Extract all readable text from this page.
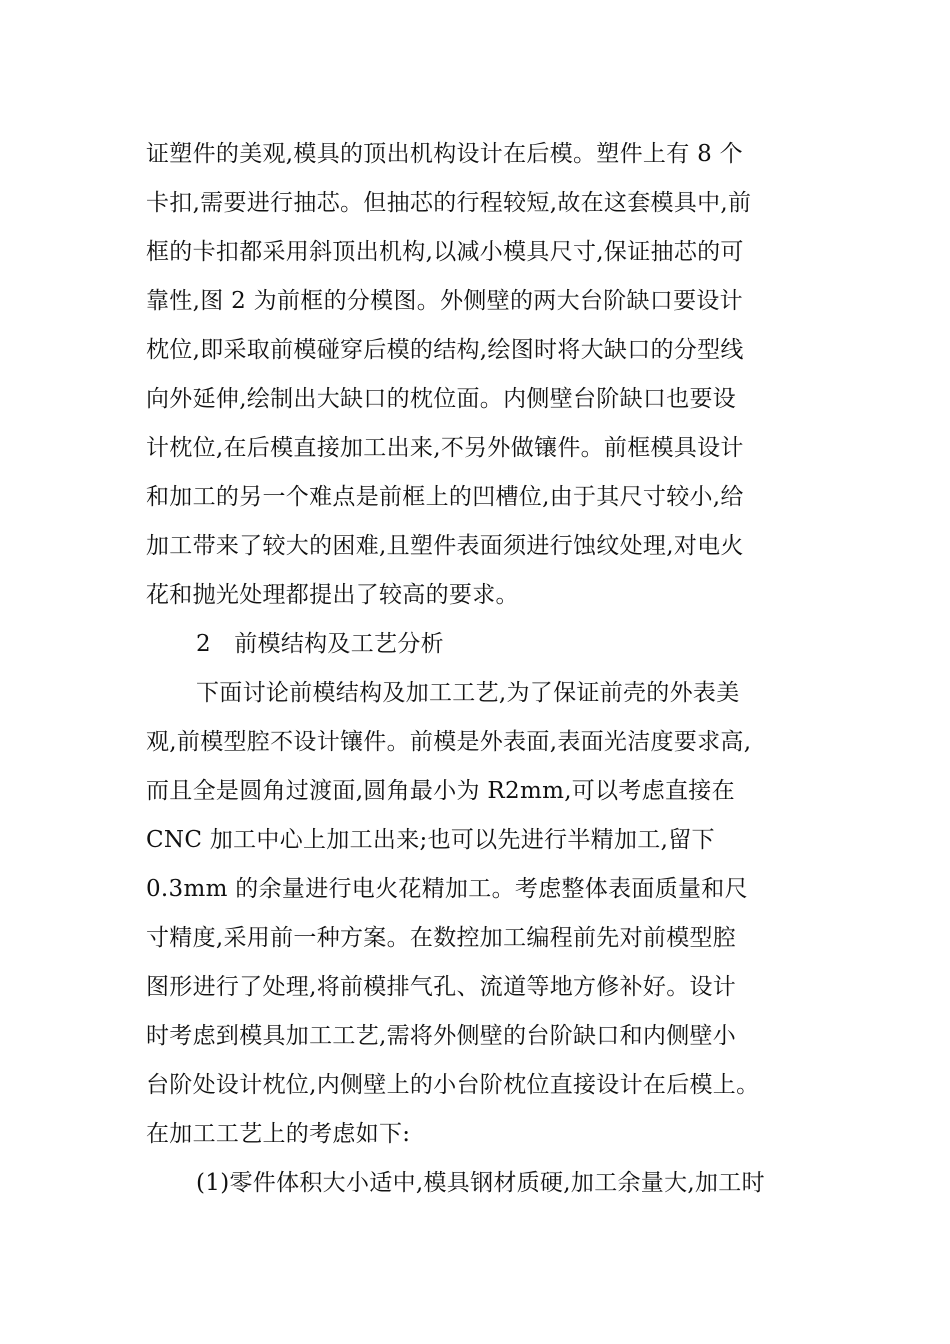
证塑件的美观,模具的顶出机构设计在后模。塑件上有 8 个
卡扣,需要进行抽芯。但抽芯的行程较短,故在这套模具中,前
框的卡扣都采用斜顶出机构,以减小模具尺寸,保证抽芯的可
靠性,图 2 为前框的分模图。外侧壁的两大台阶缺口要设计
枕位,即采取前模碰穿后模的结构,绘图时将大缺口的分型线
向外延伸,绘制出大缺口的枕位面。内侧壁台阶缺口也要设
计枕位,在后模直接加工出来,不另外做镶件。前框模具设计
和加工的另一个难点是前框上的凹槽位,由于其尺寸较小,给
加工带来了较大的困难,且塑件表面须进行蚀纹处理,对电火
花和抛光处理都提出了较高的要求。
2　前模结构及工艺分析
下面讨论前模结构及加工工艺,为了保证前壳的外表美
观,前模型腔不设计镶件。前模是外表面,表面光洁度要求高,
而且全是圆角过渡面,圆角最小为 R2mm,可以考虑直接在
CNC 加工中心上加工出来;也可以先进行半精加工,留下
0.3mm 的余量进行电火花精加工。考虑整体表面质量和尺
寸精度,采用前一种方案。在数控加工编程前先对前模型腔
图形进行了处理,将前模排气孔、流道等地方修补好。设计
时考虑到模具加工工艺,需将外侧壁的台阶缺口和内侧壁小
台阶处设计枕位,内侧壁上的小台阶枕位直接设计在后模上。
在加工工艺上的考虑如下:
(1)零件体积大小适中,模具钢材质硬,加工余量大,加工时
